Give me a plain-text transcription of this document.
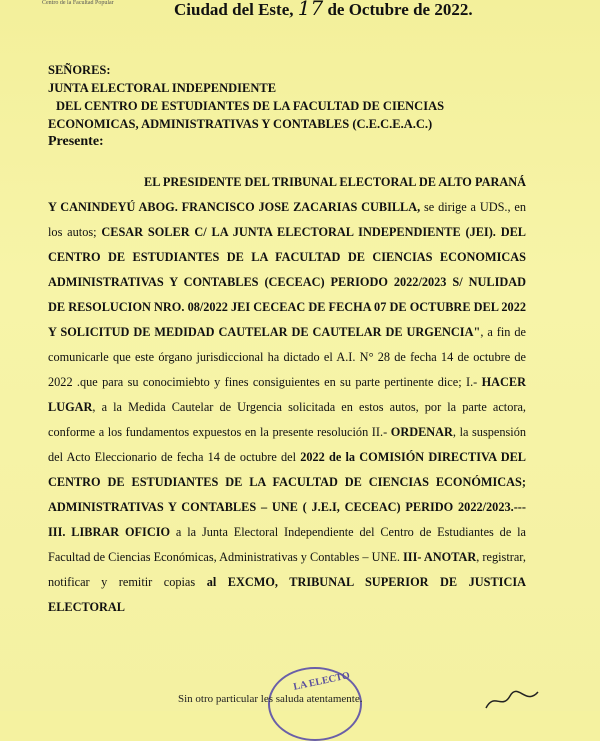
Centro de la Facultad Popular	Ciudad del Este, 17 de Octubre de 2022.
SEÑORES:
JUNTA ELECTORAL INDEPENDIENTE
DEL CENTRO DE ESTUDIANTES DE LA FACULTAD DE CIENCIAS
ECONOMICAS, ADMINISTRATIVAS Y CONTABLES (C.E.C.E.A.C.)
Presente:
EL PRESIDENTE DEL TRIBUNAL ELECTORAL DE ALTO PARANÁ Y CANINDEYÚ ABOG. FRANCISCO JOSE ZACARIAS CUBILLA, se dirige a UDS., en los autos; CESAR SOLER C/ LA JUNTA ELECTORAL INDEPENDIENTE (JEI). DEL CENTRO DE ESTUDIANTES DE LA FACULTAD DE CIENCIAS ECONOMICAS ADMINISTRATIVAS Y CONTABLES (CECEAC) PERIODO 2022/2023 S/ NULIDAD DE RESOLUCION NRO. 08/2022 JEI CECEAC DE FECHA 07 DE OCTUBRE DEL 2022 Y SOLICITUD DE MEDIDAD CAUTELAR DE CAUTELAR DE URGENCIA", a fin de comunicarle que este órgano jurisdiccional ha dictado el A.I. N° 28 de fecha 14 de octubre de 2022 .que para su conocimiebto y fines consiguientes en su parte pertinente dice; I.- HACER LUGAR, a la Medida Cautelar de Urgencia solicitada en estos autos, por la parte actora, conforme a los fundamentos expuestos en la presente resolución II.- ORDENAR, la suspensión del Acto Eleccionario de fecha 14 de octubre del 2022 de la COMISIÓN DIRECTIVA DEL CENTRO DE ESTUDIANTES DE LA FACULTAD DE CIENCIAS ECONÓMICAS; ADMINISTRATIVAS Y CONTABLES – UNE ( J.E.I, CECEAC) PERIDO 2022/2023.--- III. LIBRAR OFICIO a la Junta Electoral Independiente del Centro de Estudiantes de la Facultad de Ciencias Económicas, Administrativas y Contables – UNE. III- ANOTAR, registrar, notificar y remitir copias al EXCMO, TRIBUNAL SUPERIOR DE JUSTICIA ELECTORAL
LA ELECTO
Sin otro particular les saluda atentamente.
